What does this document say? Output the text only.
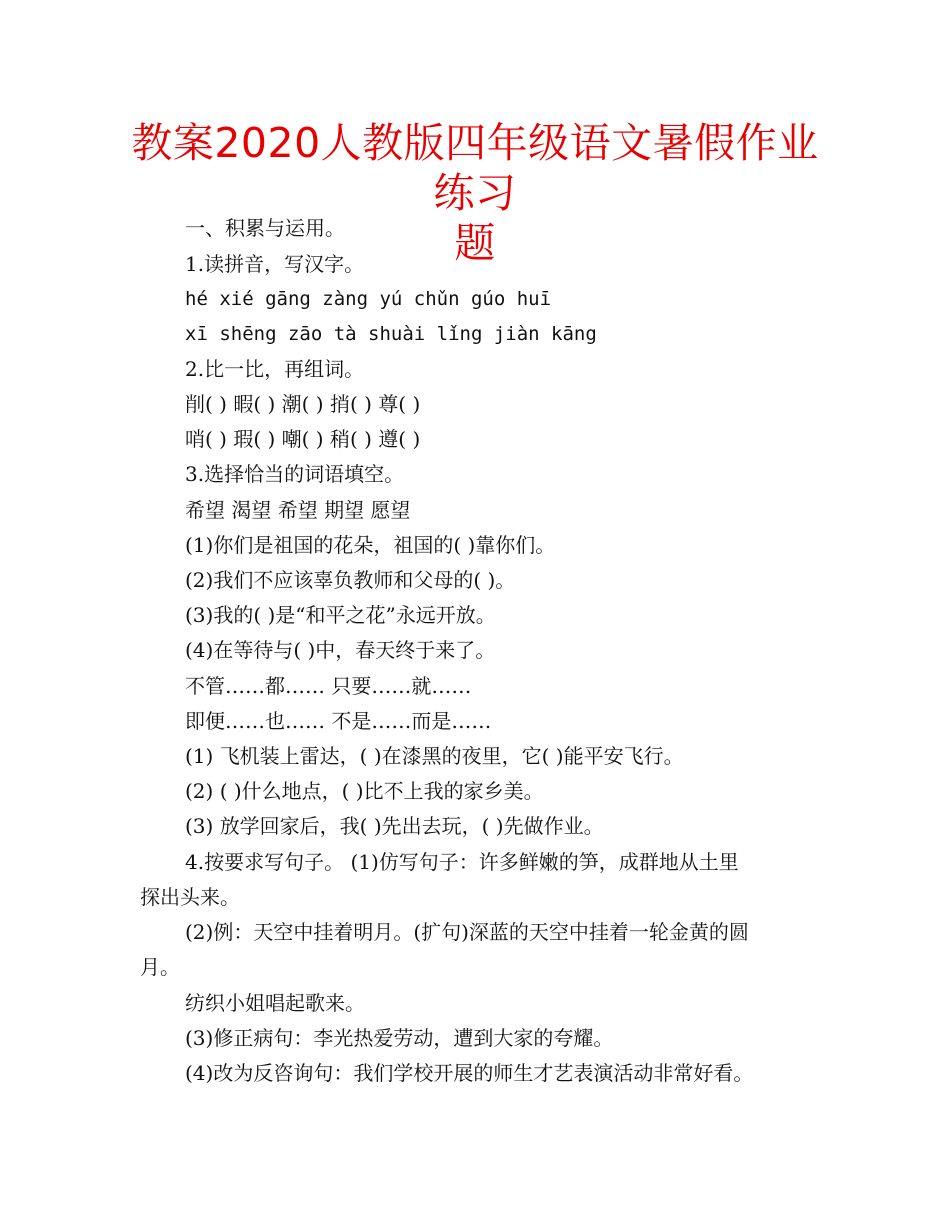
教案2020人教版四年级语文暑假作业练习
题
一、积累与运用。
1.读拼音，写汉字。
hé xié gāng zàng yú chǔn gúo huī
xī shēng zāo tà shuài lǐng jiàn kāng
2.比一比，再组词。
削( ) 暇( ) 潮( ) 捎( ) 尊( )
哨( ) 瑕( ) 嘲( ) 稍( ) 遵( )
3.选择恰当的词语填空。
希望 渴望 希望 期望 愿望
(1)你们是祖国的花朵，祖国的( )靠你们。
(2)我们不应该辜负教师和父母的( )。
(3)我的( )是“和平之花”永远开放。
(4)在等待与( )中，春天终于来了。
不管……都…… 只要……就……
即便……也…… 不是……而是……
(1) 飞机装上雷达，( )在漆黑的夜里，它( )能平安飞行。
(2) ( )什么地点，( )比不上我的家乡美。
(3) 放学回家后，我( )先出去玩，( )先做作业。
4.按要求写句子。 (1)仿写句子：许多鲜嫩的笋，成群地从土里
探出头来。
(2)例：天空中挂着明月。(扩句)深蓝的天空中挂着一轮金黄的圆
月。
纺织小姐唱起歌来。
(3)修正病句：李光热爱劳动，遭到大家的夸耀。
(4)改为反咨询句：我们学校开展的师生才艺表演活动非常好看。
